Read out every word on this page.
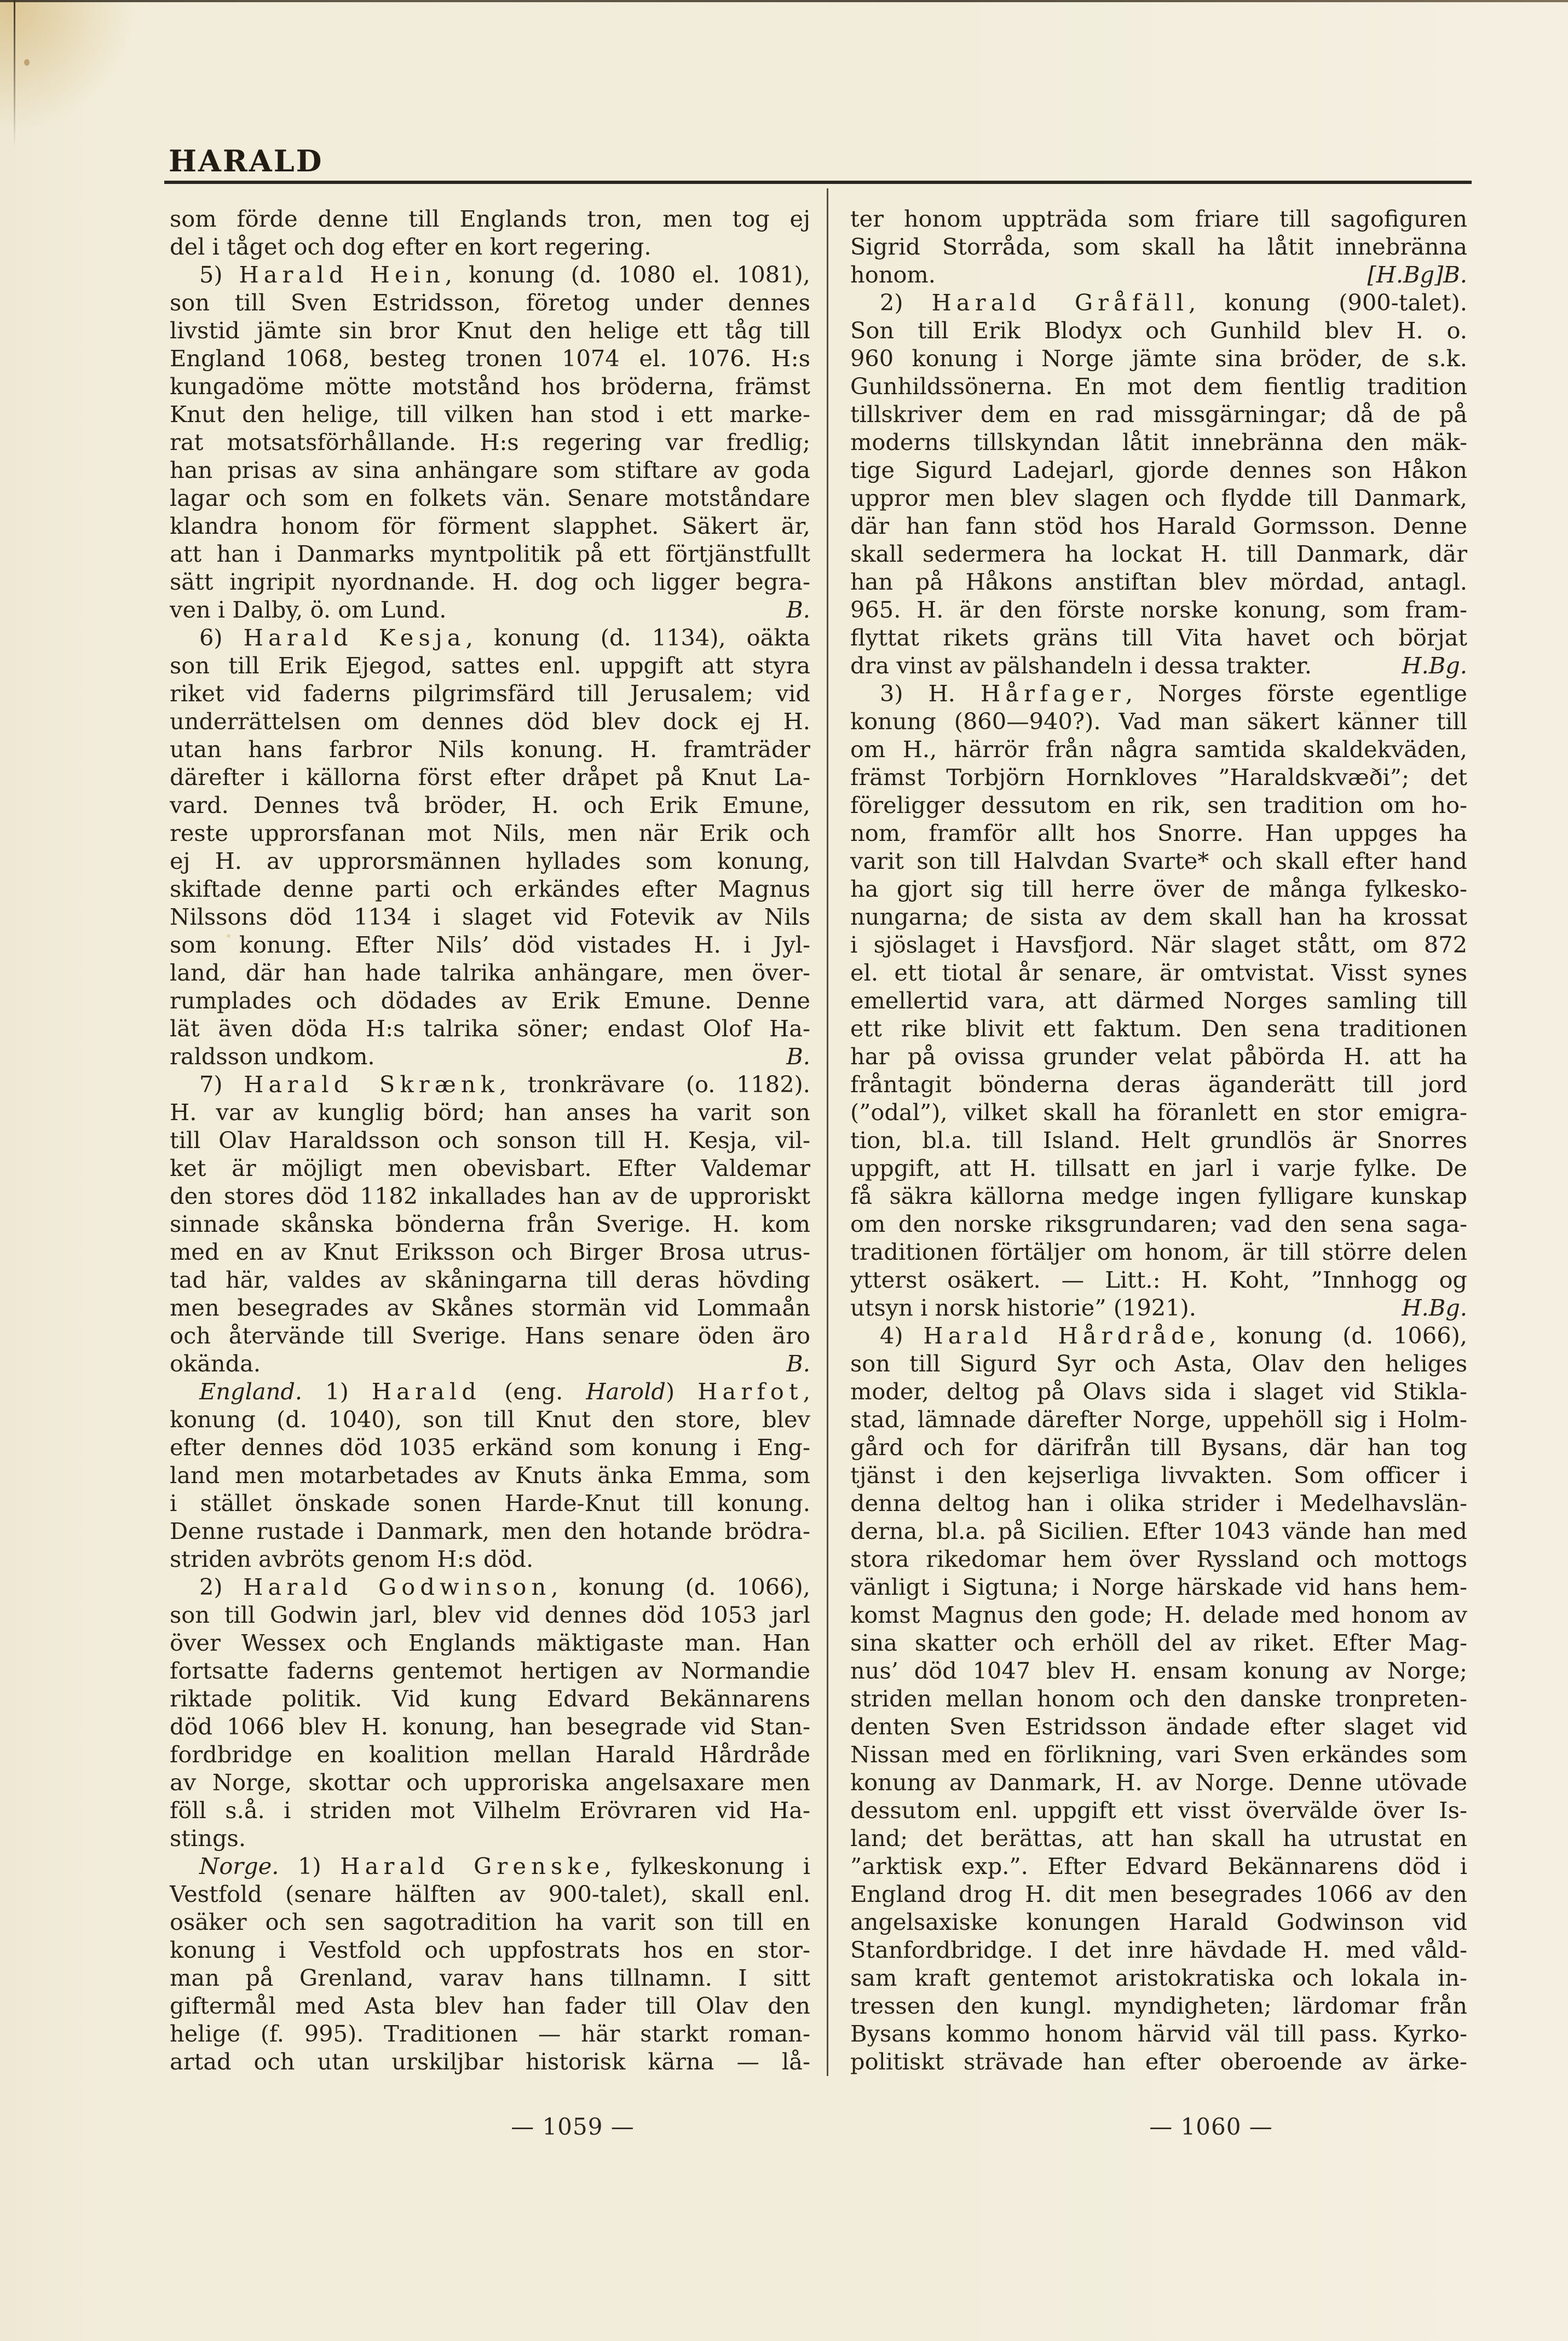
HARALD
som förde denne till Englands tron, men tog ej
del i tåget och dog efter en kort regering.
5) Harald Hein, konung (d. 1080 el. 1081),
son till Sven Estridsson, företog under dennes
livstid jämte sin bror Knut den helige ett tåg till
England 1068, besteg tronen 1074 el. 1076. H:s
kungadöme mötte motstånd hos bröderna, främst
Knut den helige, till vilken han stod i ett marke-
rat motsatsförhållande. H:s regering var fredlig;
han prisas av sina anhängare som stiftare av goda
lagar och som en folkets vän. Senare motståndare
klandra honom för förment slapphet. Säkert är,
att han i Danmarks myntpolitik på ett förtjänstfullt
sätt ingripit nyordnande. H. dog och ligger begra-
B.
ven i Dalby, ö. om Lund.
6) Harald Kesja, konung (d. 1134), oäkta
son till Erik Ejegod, sattes enl. uppgift att styra
riket vid faderns pilgrimsfärd till Jerusalem; vid
underrättelsen om dennes död blev dock ej H.
utan hans farbror Nils konung. H. framträder
därefter i källorna först efter dråpet på Knut La-
vard. Dennes två bröder, H. och Erik Emune,
reste upprorsfanan mot Nils, men när Erik och
ej H. av upprorsmännen hyllades som konung,
skiftade denne parti och erkändes efter Magnus
Nilssons död 1134 i slaget vid Fotevik av Nils
som konung. Efter Nils’ död vistades H. i Jyl-
land, där han hade talrika anhängare, men över-
rumplades och dödades av Erik Emune. Denne
lät även döda H:s talrika söner; endast Olof Ha-
B.
raldsson undkom.
7) Harald Skrænk, tronkrävare (o. 1182).
H. var av kunglig börd; han anses ha varit son
till Olav Haraldsson och sonson till H. Kesja, vil-
ket är möjligt men obevisbart. Efter Valdemar
den stores död 1182 inkallades han av de upproriskt
sinnade skånska bönderna från Sverige. H. kom
med en av Knut Eriksson och Birger Brosa utrus-
tad här, valdes av skåningarna till deras hövding
men besegrades av Skånes stormän vid Lommaån
och återvände till Sverige. Hans senare öden äro
B.
okända.
England. 1) Harald (eng. Harold) Harfot,
konung (d. 1040), son till Knut den store, blev
efter dennes död 1035 erkänd som konung i Eng-
land men motarbetades av Knuts änka Emma, som
i stället önskade sonen Harde-Knut till konung.
Denne rustade i Danmark, men den hotande brödra-
striden avbröts genom H:s död.
2) Harald Godwinson, konung (d. 1066),
son till Godwin jarl, blev vid dennes död 1053 jarl
över Wessex och Englands mäktigaste man. Han
fortsatte faderns gentemot hertigen av Normandie
riktade politik. Vid kung Edvard Bekännarens
död 1066 blev H. konung, han besegrade vid Stan-
fordbridge en koalition mellan Harald Hårdråde
av Norge, skottar och upproriska angelsaxare men
föll s.å. i striden mot Vilhelm Erövraren vid Ha-
stings.
Norge. 1) Harald Grenske, fylkeskonung i
Vestfold (senare hälften av 900-talet), skall enl.
osäker och sen sagotradition ha varit son till en
konung i Vestfold och uppfostrats hos en stor-
man på Grenland, varav hans tillnamn. I sitt
giftermål med Asta blev han fader till Olav den
helige (f. 995). Traditionen — här starkt roman-
artad och utan urskiljbar historisk kärna — lå-
ter honom uppträda som friare till sagofiguren
Sigrid Storråda, som skall ha låtit innebränna
[H.Bg]B.
honom.
2) Harald Gråfäll, konung (900-talet).
Son till Erik Blodyx och Gunhild blev H. o.
960 konung i Norge jämte sina bröder, de s.k.
Gunhildssönerna. En mot dem fientlig tradition
tillskriver dem en rad missgärningar; då de på
moderns tillskyndan låtit innebränna den mäk-
tige Sigurd Ladejarl, gjorde dennes son Håkon
uppror men blev slagen och flydde till Danmark,
där han fann stöd hos Harald Gormsson. Denne
skall sedermera ha lockat H. till Danmark, där
han på Håkons anstiftan blev mördad, antagl.
965. H. är den förste norske konung, som fram-
flyttat rikets gräns till Vita havet och börjat
H.Bg.
dra vinst av pälshandeln i dessa trakter.
3) H. Hårfager, Norges förste egentlige
konung (860—940?). Vad man säkert känner till
om H., härrör från några samtida skaldekväden,
främst Torbjörn Hornkloves ”Haraldskvæði”; det
föreligger dessutom en rik, sen tradition om ho-
nom, framför allt hos Snorre. Han uppges ha
varit son till Halvdan Svarte* och skall efter hand
ha gjort sig till herre över de många fylkesko-
nungarna; de sista av dem skall han ha krossat
i sjöslaget i Havsfjord. När slaget stått, om 872
el. ett tiotal år senare, är omtvistat. Visst synes
emellertid vara, att därmed Norges samling till
ett rike blivit ett faktum. Den sena traditionen
har på ovissa grunder velat påbörda H. att ha
fråntagit bönderna deras äganderätt till jord
(”odal”), vilket skall ha föranlett en stor emigra-
tion, bl.a. till Island. Helt grundlös är Snorres
uppgift, att H. tillsatt en jarl i varje fylke. De
få säkra källorna medge ingen fylligare kunskap
om den norske riksgrundaren; vad den sena saga-
traditionen förtäljer om honom, är till större delen
ytterst osäkert. — Litt.: H. Koht, ”Innhogg og
H.Bg.
utsyn i norsk historie” (1921).
4) Harald Hårdråde, konung (d. 1066),
son till Sigurd Syr och Asta, Olav den heliges
moder, deltog på Olavs sida i slaget vid Stikla-
stad, lämnade därefter Norge, uppehöll sig i Holm-
gård och for därifrån till Bysans, där han tog
tjänst i den kejserliga livvakten. Som officer i
denna deltog han i olika strider i Medelhavslän-
derna, bl.a. på Sicilien. Efter 1043 vände han med
stora rikedomar hem över Ryssland och mottogs
vänligt i Sigtuna; i Norge härskade vid hans hem-
komst Magnus den gode; H. delade med honom av
sina skatter och erhöll del av riket. Efter Mag-
nus’ död 1047 blev H. ensam konung av Norge;
striden mellan honom och den danske tronpreten-
denten Sven Estridsson ändade efter slaget vid
Nissan med en förlikning, vari Sven erkändes som
konung av Danmark, H. av Norge. Denne utövade
dessutom enl. uppgift ett visst övervälde över Is-
land; det berättas, att han skall ha utrustat en
”arktisk exp.”. Efter Edvard Bekännarens död i
England drog H. dit men besegrades 1066 av den
angelsaxiske konungen Harald Godwinson vid
Stanfordbridge. I det inre hävdade H. med våld-
sam kraft gentemot aristokratiska och lokala in-
tressen den kungl. myndigheten; lärdomar från
Bysans kommo honom härvid väl till pass. Kyrko-
politiskt strävade han efter oberoende av ärke-
— 1059 —	— 1060 —
